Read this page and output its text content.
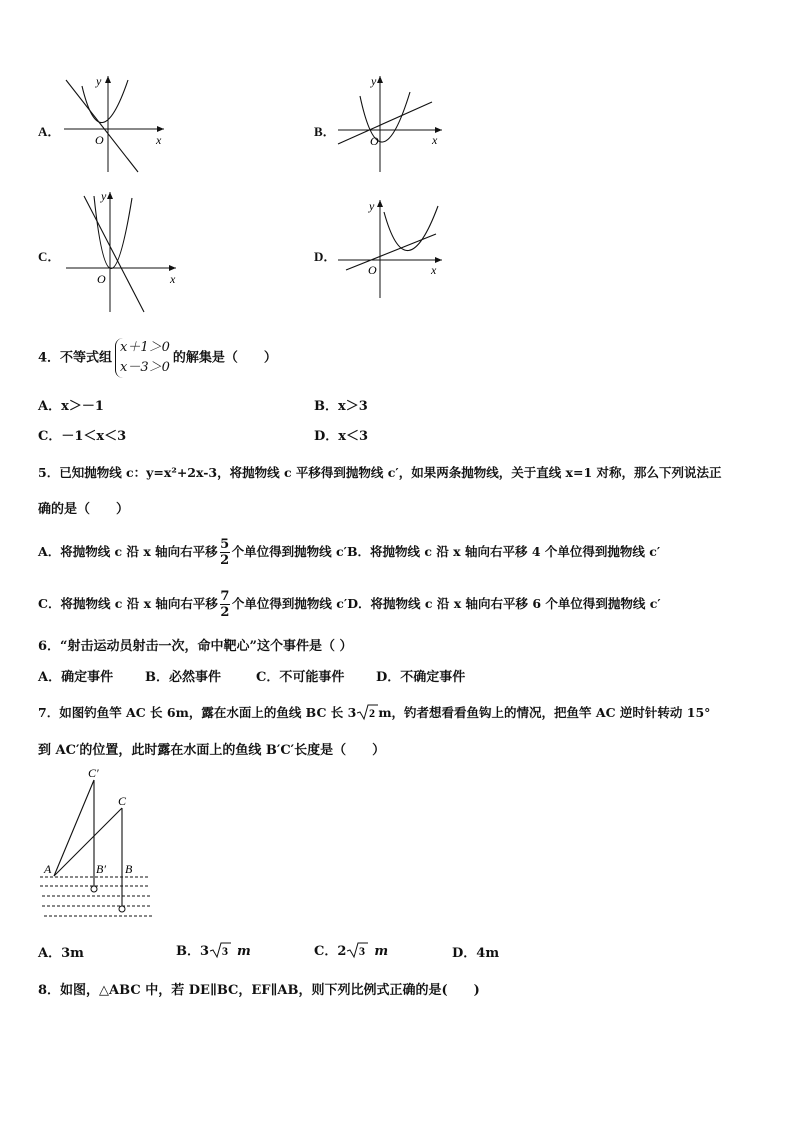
A．
y
x
O
B．
y
x
O
C．
y
x
O
D．
y
x
O
4．不等式组x＋1＞0
x－3＞0的解集是（　　）
A．x＞－1	B．x＞3
C．－1＜x＜3	D．x＜3
5．已知抛物线 c：y=x²+2x-3，将抛物线 c 平移得到抛物线 c′，如果两条抛物线，关于直线 x=1 对称，那么下列说法正
确的是（　　）
A．将抛物线 c 沿 x 轴向右平移 $\frac{5}{2}$ 个单位得到抛物线 c′B．将抛物线 c 沿 x 轴向右平移 4 个单位得到抛物线 c′
C．将抛物线 c 沿 x 轴向右平移 $\frac{7}{2}$ 个单位得到抛物线 c′D．将抛物线 c 沿 x 轴向右平移 6 个单位得到抛物线 c′
6．“射击运动员射击一次，命中靶心”这个事件是（ ）
A．确定事件 B．必然事件	C．不可能事件 D．不确定事件
7．如图钓鱼竿 AC 长 6m，露在水面上的鱼线 BC 长 3 2 m，钓者想看看鱼钩上的情况，把鱼竿 AC 逆时针转动 15°
到 AC′的位置，此时露在水面上的鱼线 B′C′长度是（　　）
C′
C
A	B′ B
A．3m	B．3 3 m	C．2 3 m	D．4m
8．如图，△ABC 中，若 DE∥BC，EF∥AB，则下列比例式正确的是(　　)
